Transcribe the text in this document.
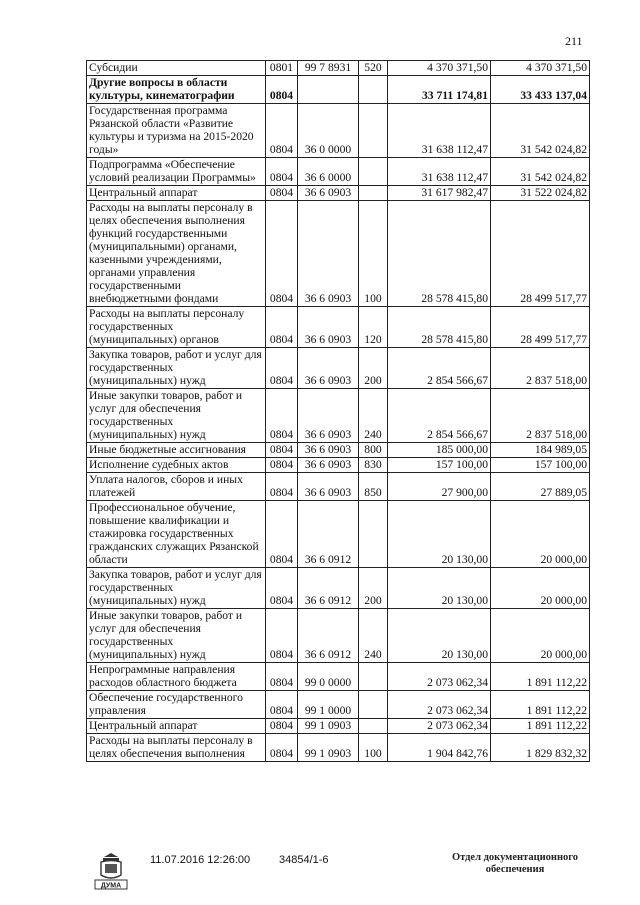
211
Субсидии	0801	99 7 8931	520	4 370 371,50	4 370 371,50
Другие вопросы в области культуры, кинематографии	0804			33 711 174,81	33 433 137,04
Государственная программа Рязанской области «Развитие культуры и туризма на 2015-2020 годы»	0804	36 0 0000		31 638 112,47	31 542 024,82
Подпрограмма «Обеспечение условий реализации Программы»	0804	36 6 0000		31 638 112,47	31 542 024,82
Центральный аппарат	0804	36 6 0903		31 617 982,47	31 522 024,82
Расходы на выплаты персоналу в целях обеспечения выполнения функций государственными (муниципальными) органами, казенными учреждениями, органами управления государственными внебюджетными фондами	0804	36 6 0903	100	28 578 415,80	28 499 517,77
Расходы на выплаты персоналу государственных (муниципальных) органов	0804	36 6 0903	120	28 578 415,80	28 499 517,77
Закупка товаров, работ и услуг для государственных (муниципальных) нужд	0804	36 6 0903	200	2 854 566,67	2 837 518,00
Иные закупки товаров, работ и услуг для обеспечения государственных (муниципальных) нужд	0804	36 6 0903	240	2 854 566,67	2 837 518,00
Иные бюджетные ассигнования	0804	36 6 0903	800	185 000,00	184 989,05
Исполнение судебных актов	0804	36 6 0903	830	157 100,00	157 100,00
Уплата налогов, сборов и иных платежей	0804	36 6 0903	850	27 900,00	27 889,05
Профессиональное обучение, повышение квалификации и стажировка государственных гражданских служащих Рязанской области	0804	36 6 0912		20 130,00	20 000,00
Закупка товаров, работ и услуг для государственных (муниципальных) нужд	0804	36 6 0912	200	20 130,00	20 000,00
Иные закупки товаров, работ и услуг для обеспечения государственных (муниципальных) нужд	0804	36 6 0912	240	20 130,00	20 000,00
Непрограммные направления расходов областного бюджета	0804	99 0 0000		2 073 062,34	1 891 112,22
Обеспечение государственного управления	0804	99 1 0000		2 073 062,34	1 891 112,22
Центральный аппарат	0804	99 1 0903		2 073 062,34	1 891 112,22
Расходы на выплаты персоналу в целях обеспечения выполнения	0804	99 1 0903	100	1 904 842,76	1 829 832,32
ДУМА
11.07.2016 12:26:00	34854/1-6	Отдел документационного обеспечения
